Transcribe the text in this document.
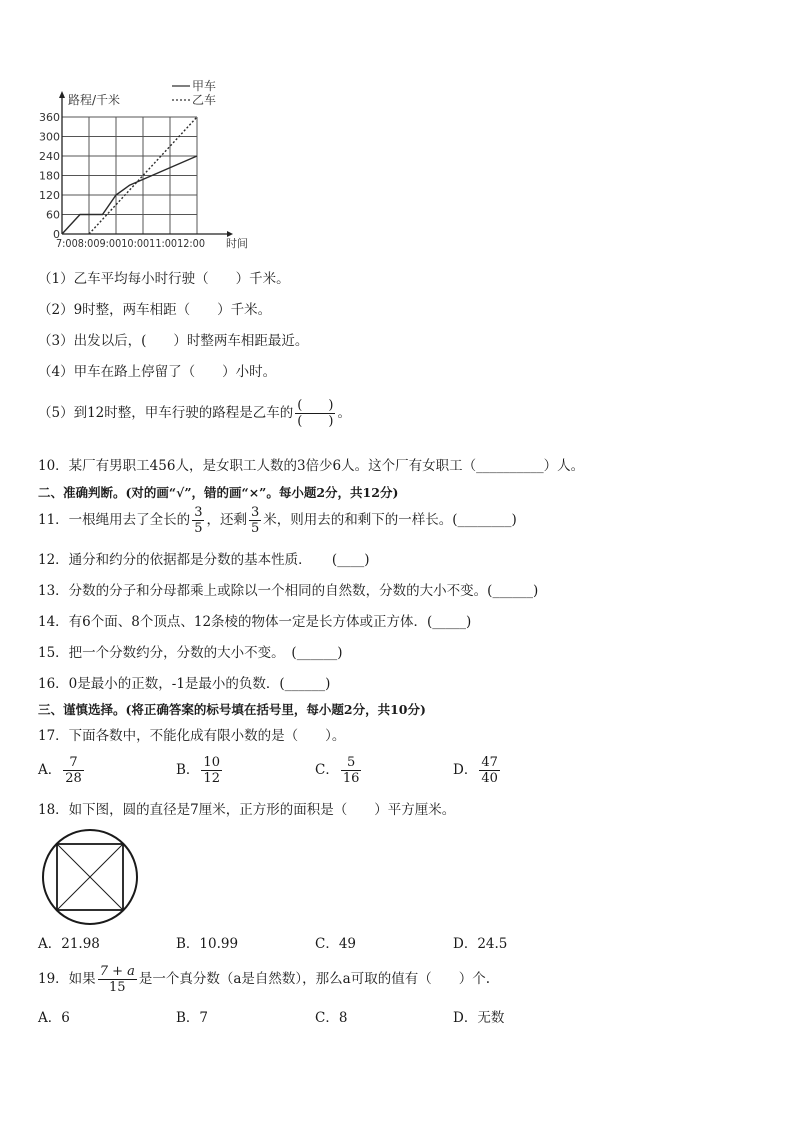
0
60
120
180
240
300
360
路程/千米
时间
7:008:009:0010:0011:0012:00
甲车
乙车
（1）乙车平均每小时行驶（　　）千米。
（2）9时整，两车相距（　　）千米。
（3）出发以后，(　　）时整两车相距最近。
（4）甲车在路上停留了（　　）小时。
（5）到12时整，甲车行驶的路程是乙车的 $\frac{( )}{( )}$ 。
10．某厂有男职工456人，是女职工人数的3倍少6人。这个厂有女职工（__________）人。
二、准确判断。(对的画“√”，错的画“×”。每小题2分，共12分)
11．一根绳用去了全长的 $\frac{3}{5}$ ，还剩 $\frac{3}{5}$ 米，则用去的和剩下的一样长。(________)
12．通分和约分的依据都是分数的基本性质．　　(____)
13．分数的分子和分母都乘上或除以一个相同的自然数，分数的大小不变。(______)
14．有6个面、8个顶点、12条棱的物体一定是长方体或正方体．(_____)
15．把一个分数约分，分数的大小不变。　(______)
16．0是最小的正数，-1是最小的负数．(______)
三、谨慎选择。(将正确答案的标号填在括号里，每小题2分，共10分)
17．下面各数中，不能化成有限小数的是（　　）。
A． $\frac{7}{28}$	B． $\frac{10}{12}$	C． $\frac{5}{16}$	D． $\frac{47}{40}$
18．如下图，圆的直径是7厘米，正方形的面积是（　　）平方厘米。
A．21.98	B．10.99	C．49	D．24.5
19．如果 $\frac{7 + a}{15}$ 是一个真分数（a是自然数），那么a可取的值有（　　）个.
A．6	B．7	C．8	D．无数
